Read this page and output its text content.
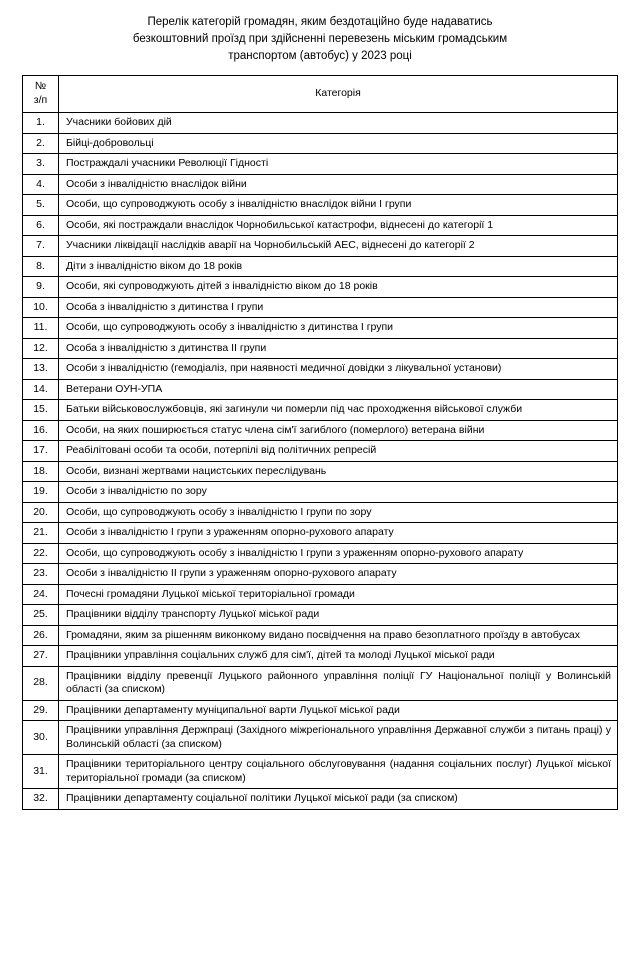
Перелік категорій громадян, яким бездотаційно буде надаватись
безкоштовний проїзд при здійсненні перевезень міським громадським
транспортом (автобус) у 2023 році
№
з/п	Категорія
1.	Учасники бойових дій
2.	Бійці-добровольці
3.	Постраждалі учасники Революції Гідності
4.	Особи з інвалідністю внаслідок війни
5.	Особи, що супроводжують особу з інвалідністю внаслідок війни І групи
6.	Особи, які постраждали внаслідок Чорнобильської катастрофи, віднесені до категорії 1
7.	Учасники ліквідації наслідків аварії на Чорнобильській АЕС, віднесені до категорії 2
8.	Діти з інвалідністю віком до 18 років
9.	Особи, які супроводжують дітей з інвалідністю віком до 18 років
10.	Особа з інвалідністю з дитинства І групи
11.	Особи, що супроводжують особу з інвалідністю з дитинства І групи
12.	Особа з інвалідністю з дитинства ІІ групи
13.	Особи з інвалідністю (гемодіаліз, при наявності медичної довідки з лікувальної установи)
14.	Ветерани ОУН-УПА
15.	Батьки військовослужбовців, які загинули чи померли під час проходження військової служби
16.	Особи, на яких поширюється статус члена сім'ї загиблого (померлого) ветерана війни
17.	Реабілітовані особи та особи, потерпілі від політичних репресій
18.	Особи, визнані жертвами нацистських переслідувань
19.	Особи з інвалідністю по зору
20.	Особи, що супроводжують особу з інвалідністю І групи по зору
21.	Особи з інвалідністю І групи з ураженням опорно-рухового апарату
22.	Особи, що супроводжують особу з інвалідністю І групи з ураженням опорно-рухового апарату
23.	Особи з інвалідністю ІІ групи з ураженням опорно-рухового апарату
24.	Почесні громадяни Луцької міської територіальної громади
25.	Працівники відділу транспорту Луцької міської ради
26.	Громадяни, яким за рішенням виконкому видано посвідчення на право безоплатного проїзду в автобусах
27.	Працівники управління соціальних служб для сім'ї, дітей та молоді Луцької міської ради
28.	Працівники відділу превенції Луцького районного управління поліції ГУ Національної поліції у Волинській області (за списком)
29.	Працівники департаменту муніципальної варти Луцької міської ради
30.	Працівники управління Держпраці (Західного міжрегіонального управління Державної служби з питань праці) у Волинській області (за списком)
31.	Працівники територіального центру соціального обслуговування (надання соціальних послуг) Луцької міської територіальної громади (за списком)
32.	Працівники департаменту соціальної політики Луцької міської ради (за списком)
